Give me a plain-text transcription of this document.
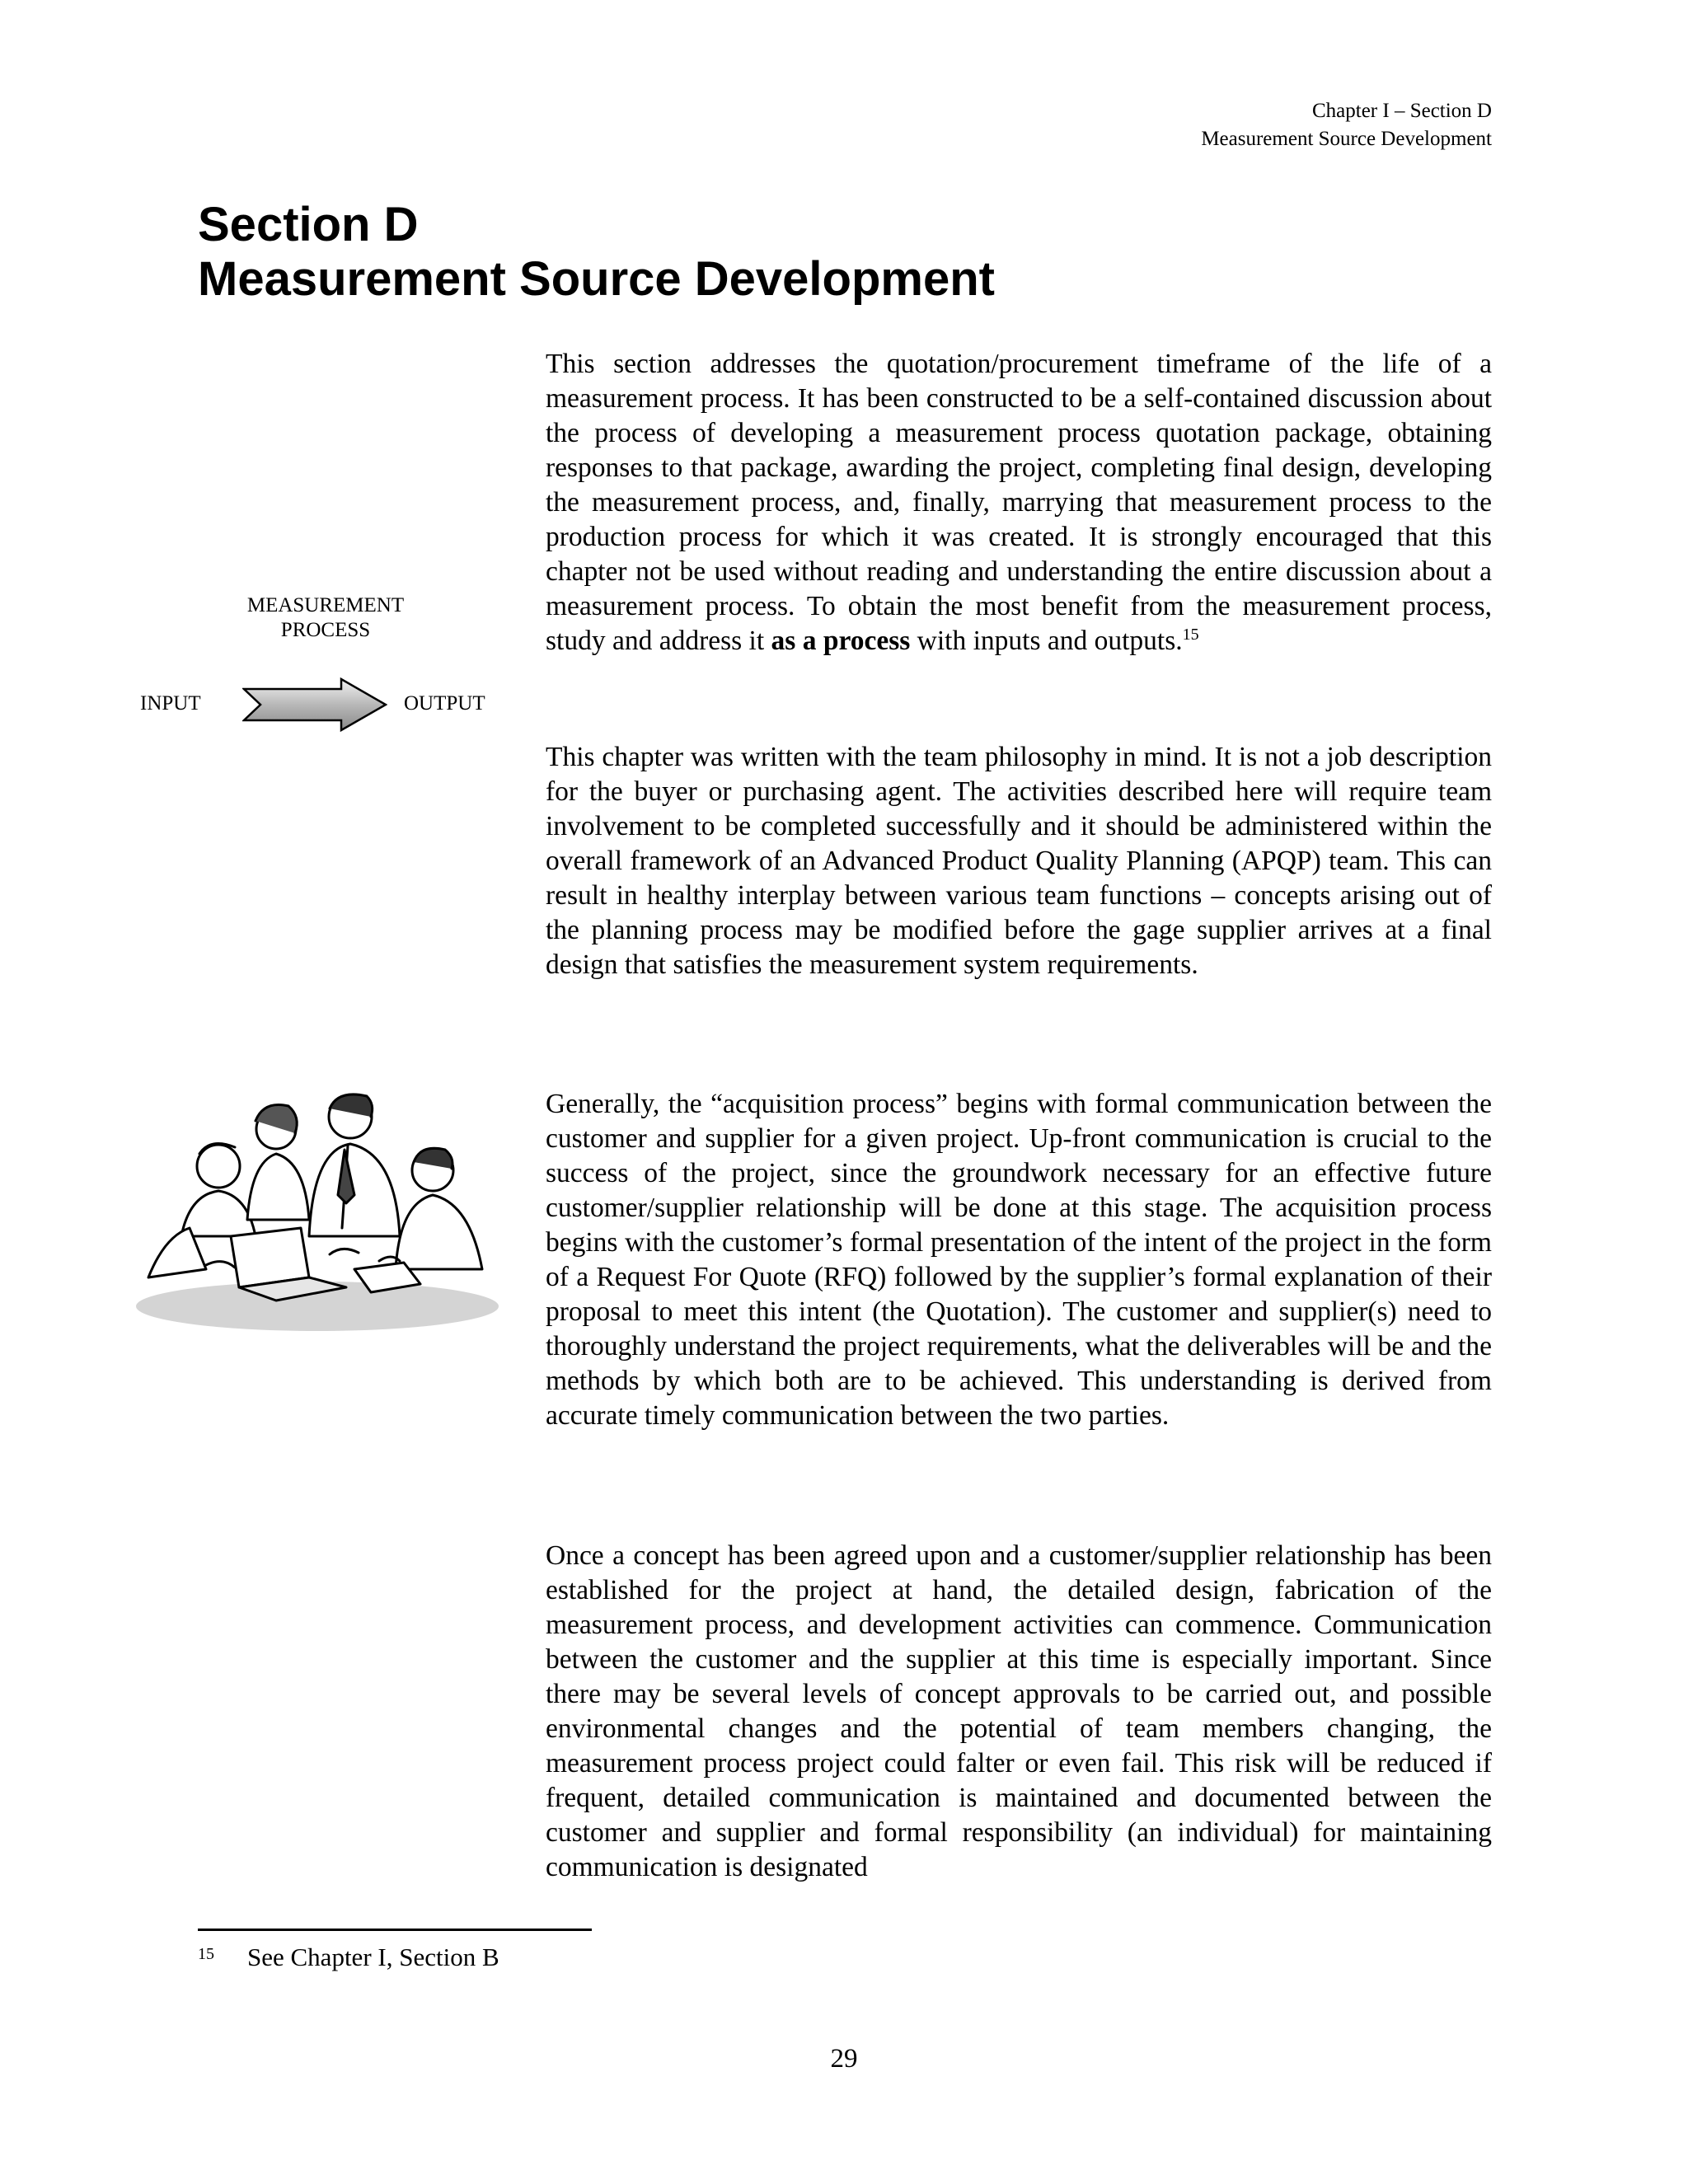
Chapter I – Section D
Measurement Source Development
Section D
Measurement Source Development
MEASUREMENT
PROCESS
INPUT	OUTPUT

This section addresses the quotation/procurement timeframe of the life of a measurement process. It has been constructed to be a self-contained discussion about the process of developing a measurement process quotation package, obtaining responses to that package, awarding the project, completing final design, developing the measurement process, and, finally, marrying that measurement process to the production process for which it was created. It is strongly encouraged that this chapter not be used without reading and understanding the entire discussion about a measurement process. To obtain the most benefit from the measurement process, study and address it as a process with inputs and outputs.$^{15}$

This chapter was written with the team philosophy in mind. It is not a job description for the buyer or purchasing agent. The activities described here will require team involvement to be completed successfully and it should be administered within the overall framework of an Advanced Product Quality Planning (APQP) team. This can result in healthy interplay between various team functions – concepts arising out of the planning process may be modified before the gage supplier arrives at a final design that satisfies the measurement system requirements.

Generally, the “acquisition process” begins with formal communication between the customer and supplier for a given project. Up-front communication is crucial to the success of the project, since the groundwork necessary for an effective future customer/supplier relationship will be done at this stage. The acquisition process begins with the customer’s formal presentation of the intent of the project in the form of a Request For Quote (RFQ) followed by the supplier’s formal explanation of their proposal to meet this intent (the Quotation). The customer and supplier(s) need to thoroughly understand the project requirements, what the deliverables will be and the methods by which both are to be achieved. This understanding is derived from accurate timely communication between the two parties.

Once a concept has been agreed upon and a customer/supplier relationship has been established for the project at hand, the detailed design, fabrication of the measurement process, and development activities can commence. Communication between the customer and the supplier at this time is especially important. Since there may be several levels of concept approvals to be carried out, and possible environmental changes and the potential of team members changing, the measurement process project could falter or even fail. This risk will be reduced if frequent, detailed communication is maintained and documented between the customer and supplier and formal responsibility (an individual) for maintaining communication is designated

15 See Chapter I, Section B
29
